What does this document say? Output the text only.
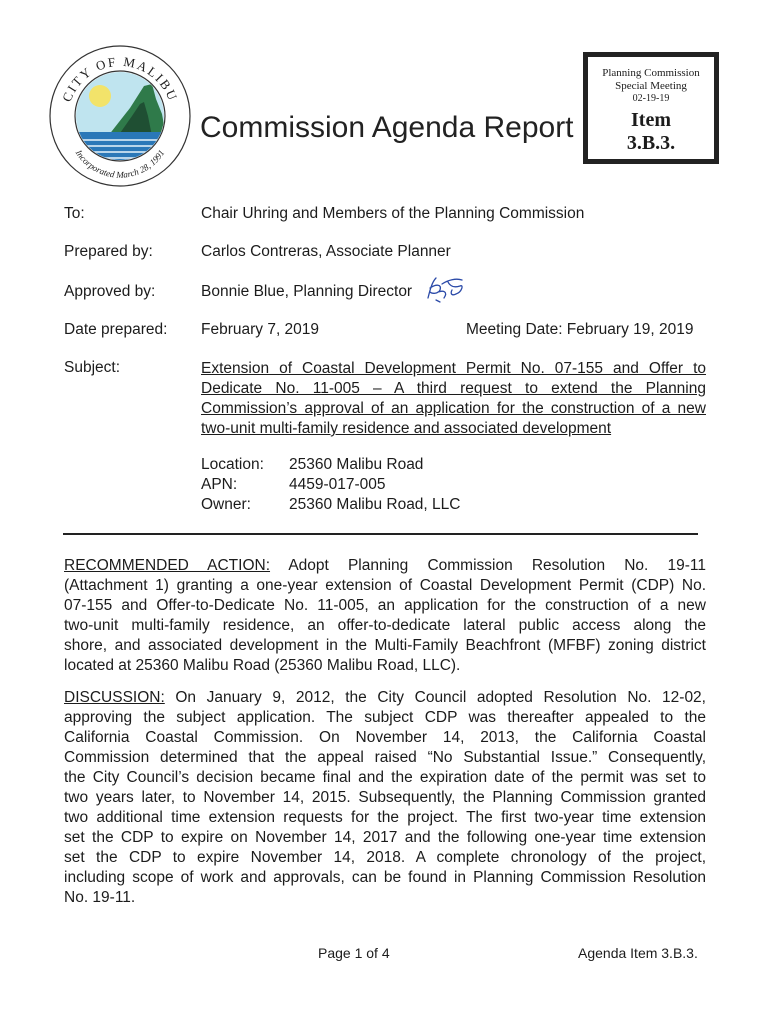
CITY OF MALIBU
Incorporated March 28, 1991
Commission Agenda Report
Planning Commission
Special Meeting
02-19-19
Item
3.B.3.
To:	Chair Uhring and Members of the Planning Commission
Prepared by:	Carlos Contreras, Associate Planner
Approved by:	Bonnie Blue, Planning Director
Date prepared: February 7, 2019	Meeting Date: February 19, 2019
Subject:	Extension of Coastal Development Permit No. 07-155 and Offer to
Dedicate No. 11-005 – A third request to extend the Planning
Commission’s approval of an application for the construction of a new
two-unit multi-family residence and associated development
Location: 25360 Malibu Road
APN:	4459-017-005
Owner: 25360 Malibu Road, LLC
RECOMMENDED ACTION: Adopt Planning Commission Resolution No. 19-11
(Attachment 1) granting a one-year extension of Coastal Development Permit (CDP) No.
07-155 and Offer-to-Dedicate No. 11-005, an application for the construction of a new
two-unit multi-family residence, an offer-to-dedicate lateral public access along the
shore, and associated development in the Multi-Family Beachfront (MFBF) zoning district
located at 25360 Malibu Road (25360 Malibu Road, LLC).
DISCUSSION: On January 9, 2012, the City Council adopted Resolution No. 12-02,
approving the subject application. The subject CDP was thereafter appealed to the
California Coastal Commission. On November 14, 2013, the California Coastal
Commission determined that the appeal raised “No Substantial Issue.” Consequently,
the City Council’s decision became final and the expiration date of the permit was set to
two years later, to November 14, 2015. Subsequently, the Planning Commission granted
two additional time extension requests for the project. The first two-year time extension
set the CDP to expire on November 14, 2017 and the following one-year time extension
set the CDP to expire November 14, 2018. A complete chronology of the project,
including scope of work and approvals, can be found in Planning Commission Resolution
No. 19-11.
Page 1 of 4	Agenda Item 3.B.3.
